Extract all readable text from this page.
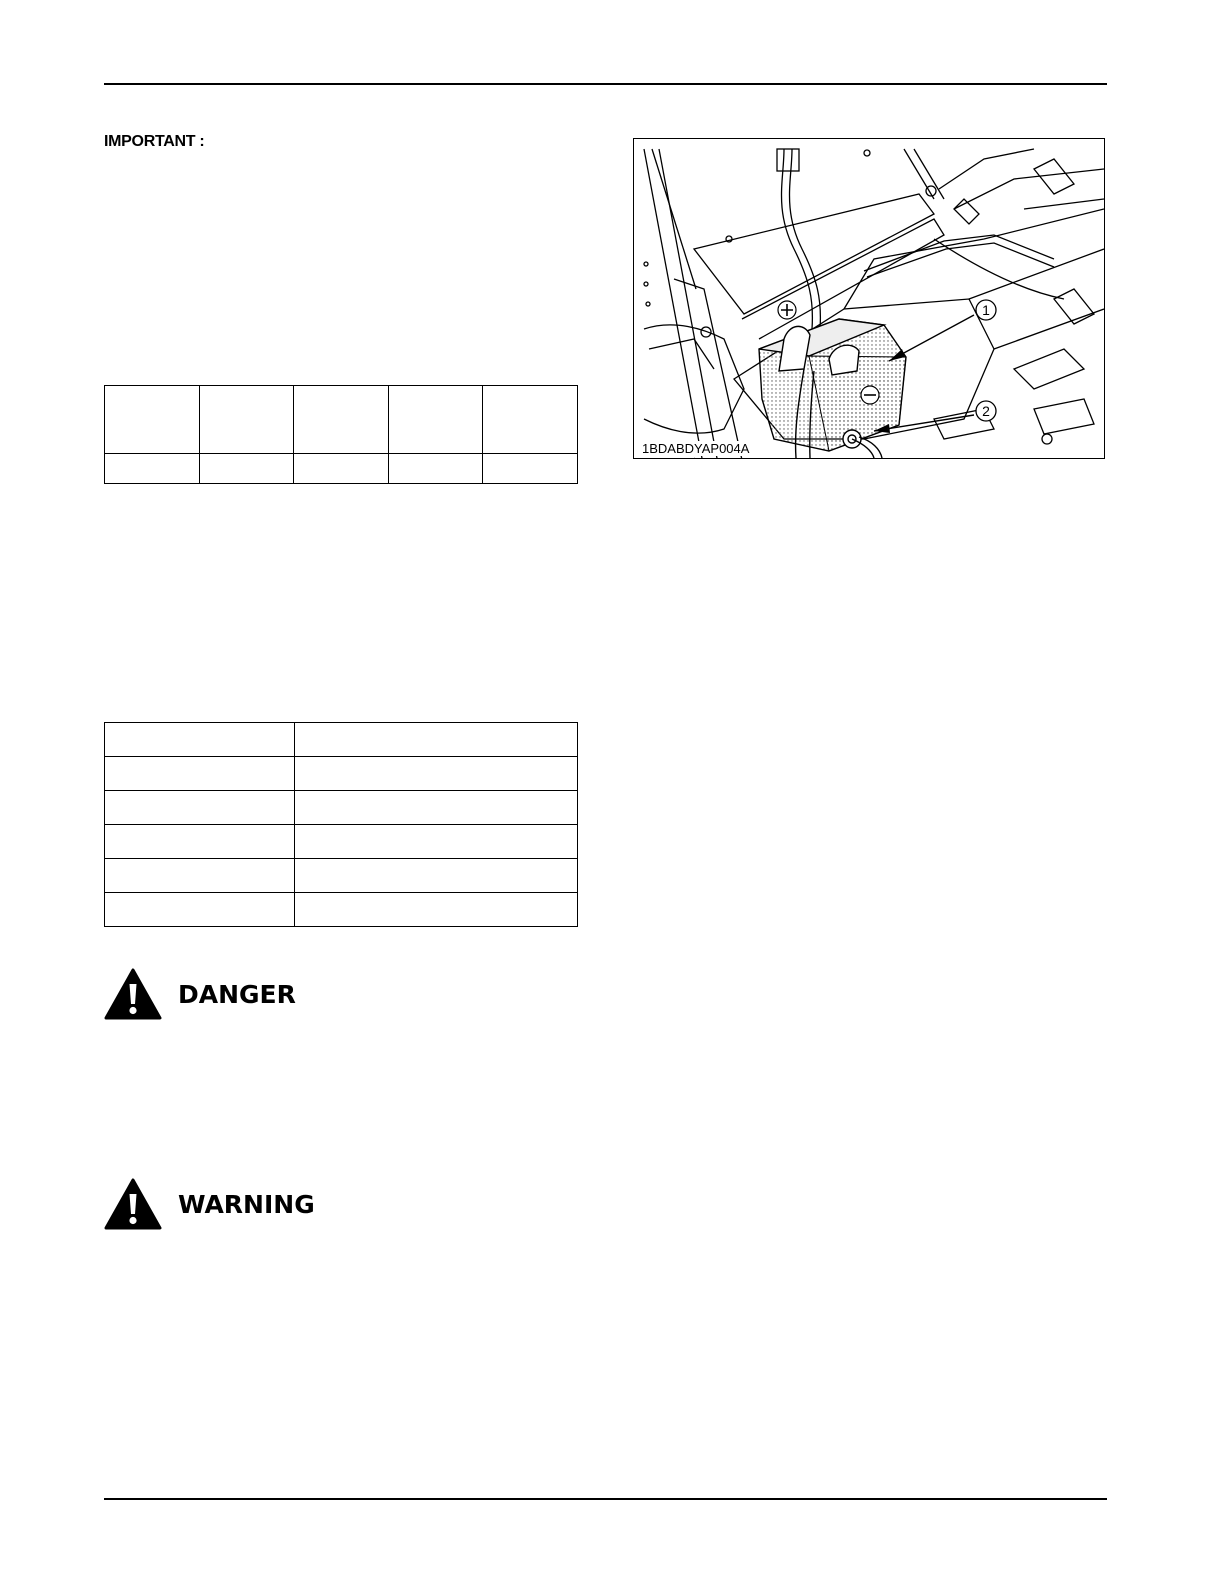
IMPORTANT :

DANGER
WARNING
1
2
1BDABDYAP004A
